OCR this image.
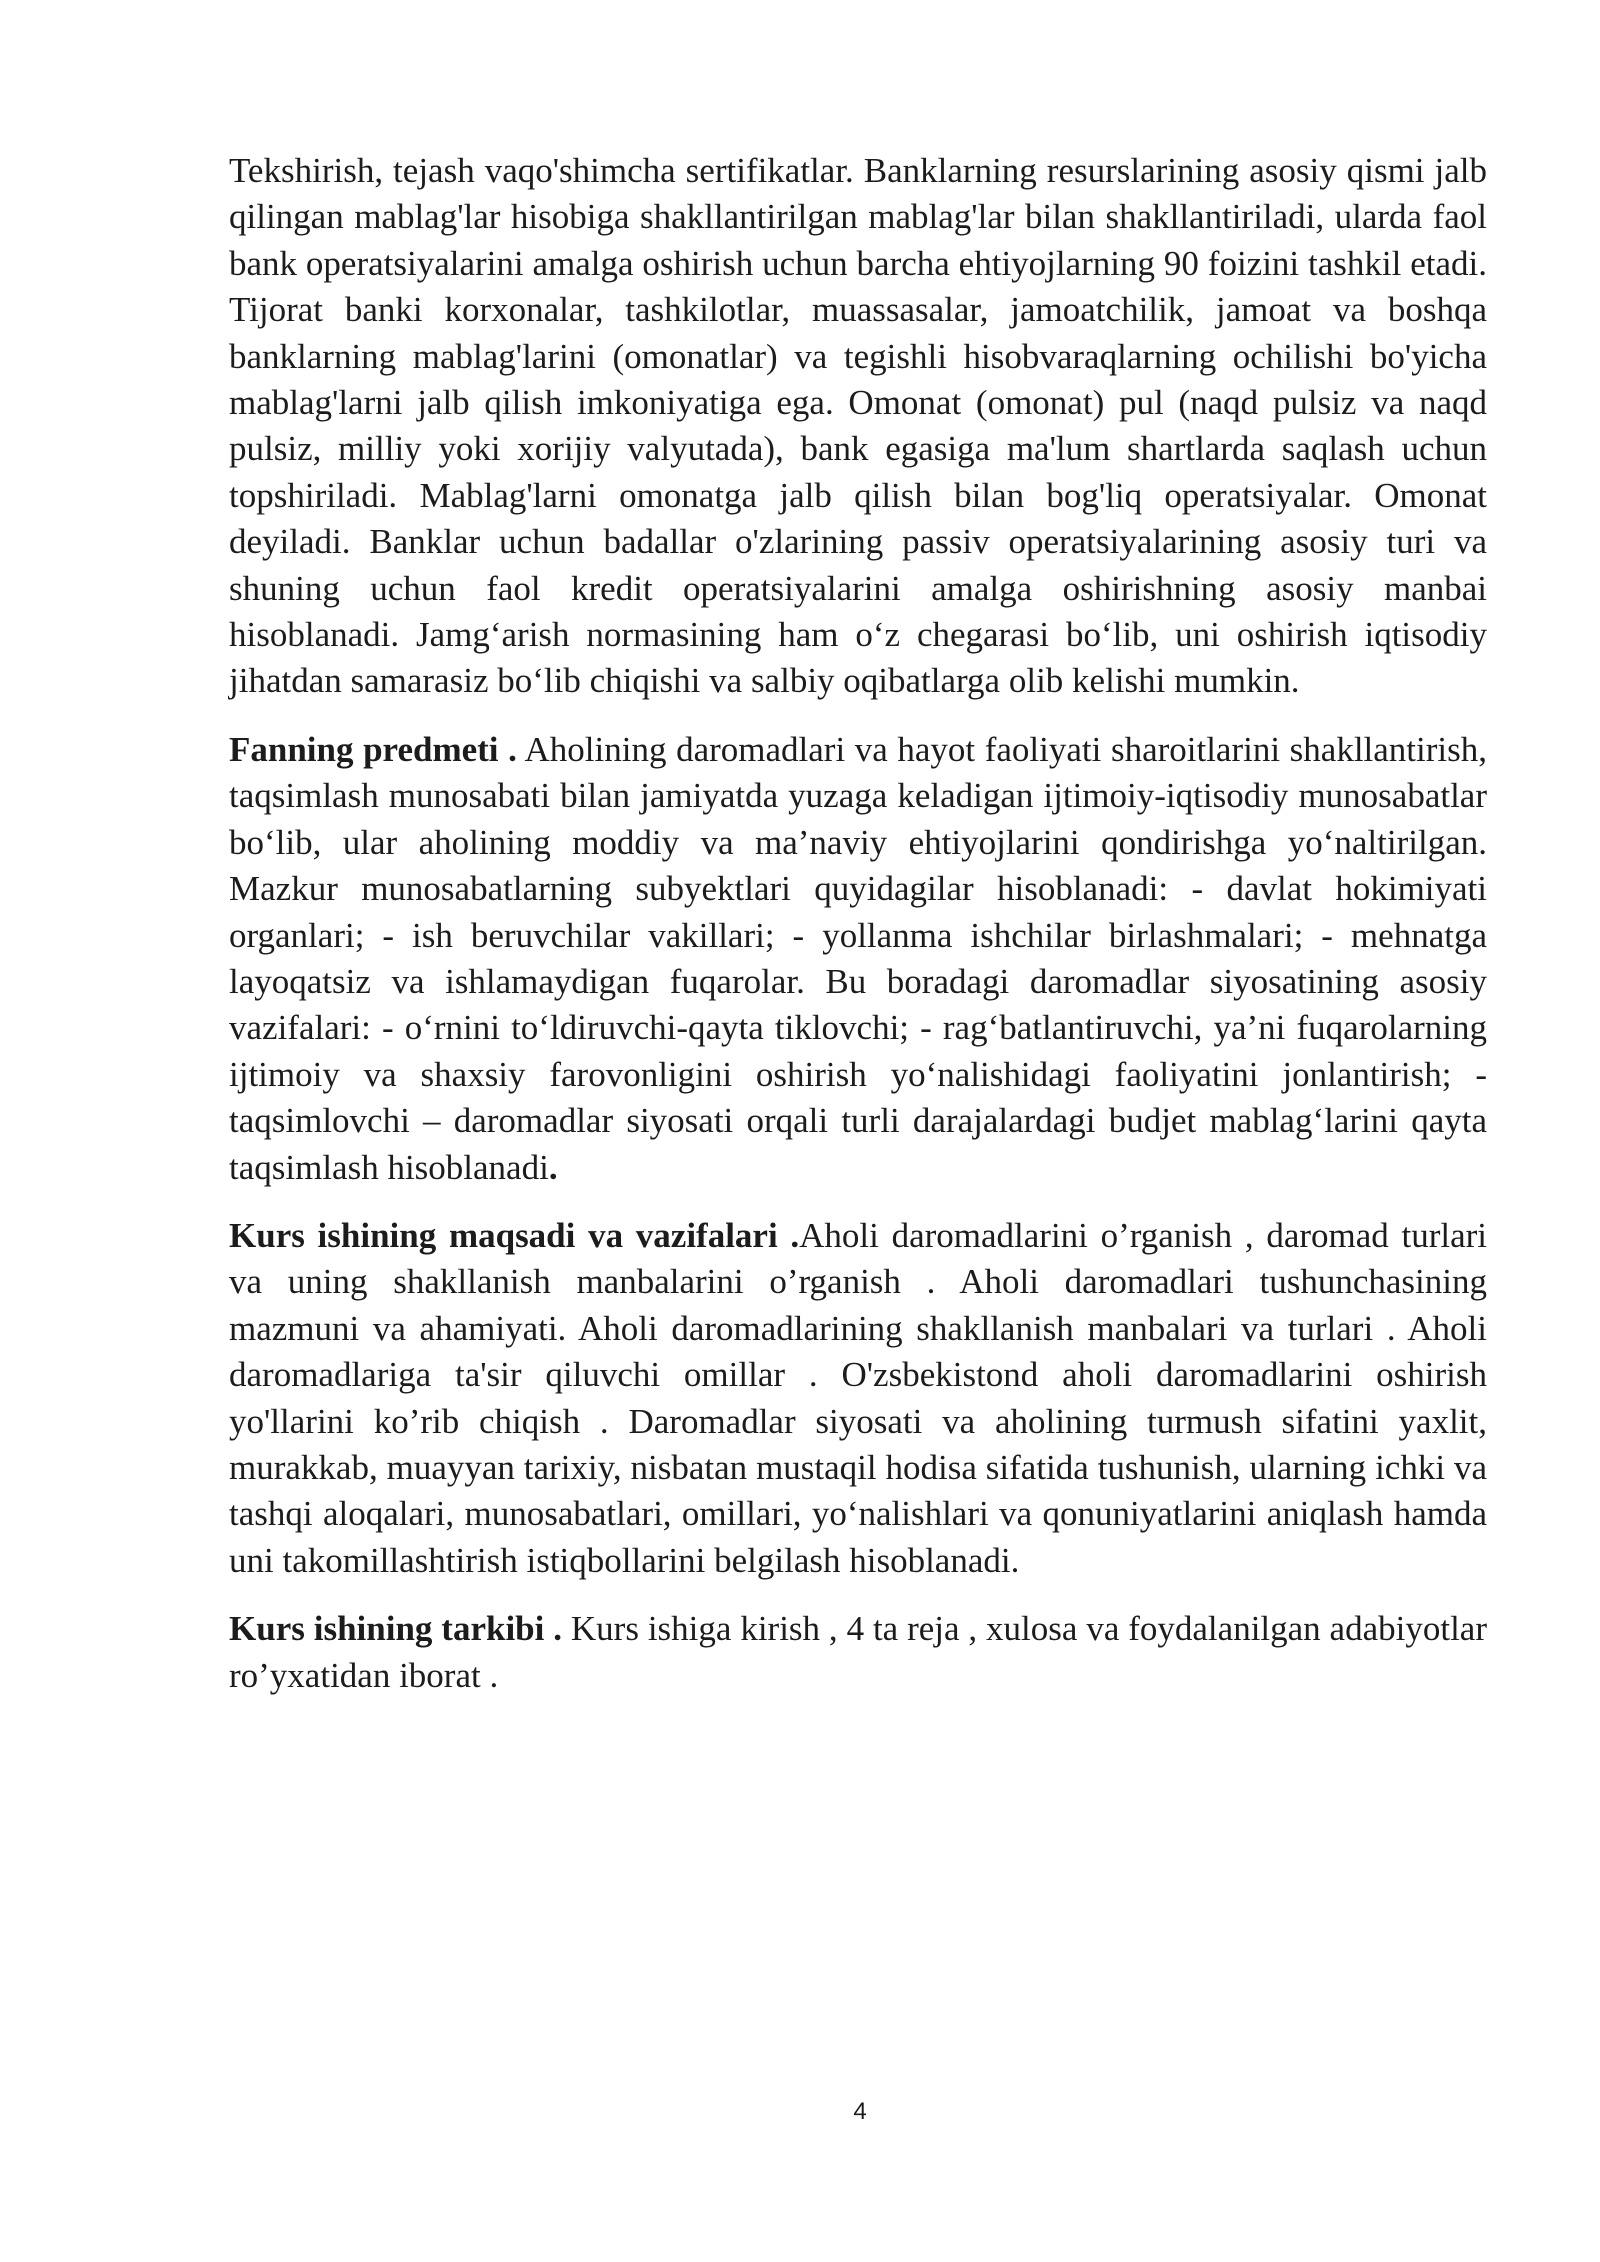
Tekshirish, tejash vaqo'shimcha sertifikatlar. Banklarning resurslarining asosiy qismi jalb qilingan mablag'lar hisobiga shakllantirilgan mablag'lar bilan shakllantiriladi, ularda faol bank operatsiyalarini amalga oshirish uchun barcha ehtiyojlarning 90 foizini tashkil etadi. Tijorat banki korxonalar, tashkilotlar, muassasalar, jamoatchilik, jamoat va boshqa banklarning mablag'larini (omonatlar) va tegishli hisobvaraqlarning ochilishi bo'yicha mablag'larni jalb qilish imkoniyatiga ega. Omonat (omonat) pul (naqd pulsiz va naqd pulsiz, milliy yoki xorijiy valyutada), bank egasiga ma'lum shartlarda saqlash uchun topshiriladi. Mablag'larni omonatga jalb qilish bilan bog'liq operatsiyalar. Omonat deyiladi. Banklar uchun badallar o'zlarining passiv operatsiyalarining asosiy turi va shuning uchun faol kredit operatsiyalarini amalga oshirishning asosiy manbai hisoblanadi. Jamg‘arish normasining ham o‘z chegarasi bo‘lib, uni oshirish iqtisodiy jihatdan samarasiz bo‘lib chiqishi va salbiy oqibatlarga olib kelishi mumkin.

Fanning predmeti . Aholining daromadlari va hayot faoliyati sharoitlarini shakllantirish, taqsimlash munosabati bilan jamiyatda yuzaga keladigan ijtimoiy-iqtisodiy munosabatlar bo‘lib, ular aholining moddiy va ma’naviy ehtiyojlarini qondirishga yo‘naltirilgan. Mazkur munosabatlarning subyektlari quyidagilar hisoblanadi: - davlat hokimiyati organlari; - ish beruvchilar vakillari; - yollanma ishchilar birlashmalari; - mehnatga layoqatsiz va ishlamaydigan fuqarolar. Bu boradagi daromadlar siyosatining asosiy vazifalari: - o‘rnini to‘ldiruvchi-qayta tiklovchi; - rag‘batlantiruvchi, ya’ni fuqarolarning ijtimoiy va shaxsiy farovonligini oshirish yo‘nalishidagi faoliyatini jonlantirish; - taqsimlovchi – daromadlar siyosati orqali turli darajalardagi budjet mablag‘larini qayta taqsimlash hisoblanadi.

Kurs ishining maqsadi va vazifalari .Aholi daromadlarini o’rganish , daromad turlari va uning shakllanish manbalarini o’rganish . Aholi daromadlari tushunchasining mazmuni va ahamiyati. Aholi daromadlarining shakllanish manbalari va turlari . Aholi daromadlariga ta'sir qiluvchi omillar . O'zsbekistond aholi daromadlarini oshirish yo'llarini ko’rib chiqish . Daromadlar siyosati va aholining turmush sifatini yaxlit, murakkab, muayyan tarixiy, nisbatan mustaqil hodisa sifatida tushunish, ularning ichki va tashqi aloqalari, munosabatlari, omillari, yo‘nalishlari va qonuniyatlarini aniqlash hamda uni takomillashtirish istiqbollarini belgilash hisoblanadi.

Kurs ishining tarkibi . Kurs ishiga kirish , 4 ta reja , xulosa va foydalanilgan adabiyotlar ro’yxatidan iborat .

4
